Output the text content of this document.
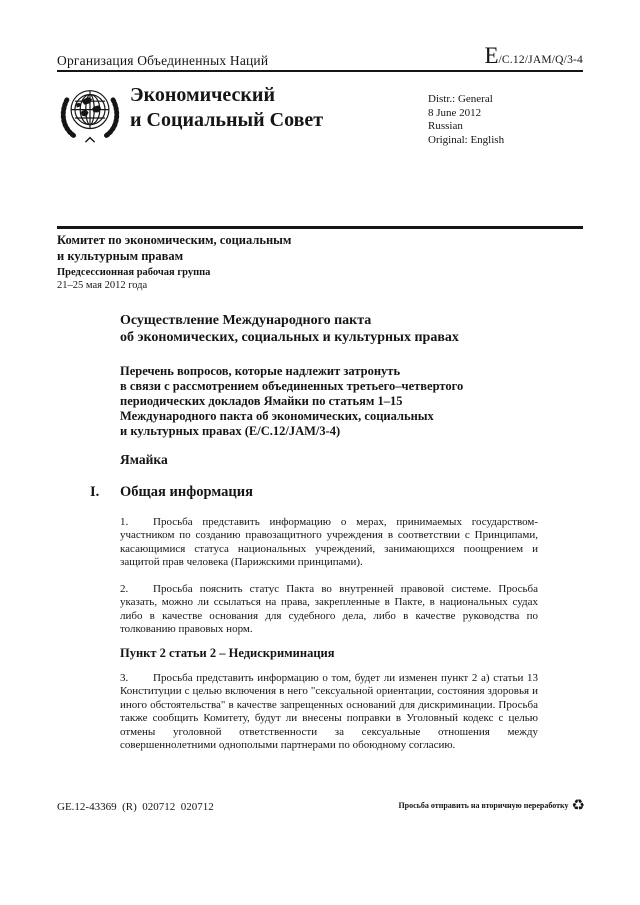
Организация Объединенных Наций	E /C.12/JAM/Q/3-4
Экономический
и Социальный Совет
Distr.: General
8 June 2012
Russian
Original: English
Комитет по экономическим, социальным
и культурным правам
Предсессионная рабочая группа
21–25 мая 2012 года
Осуществление Международного пакта
об экономических, социальных и культурных правах
Перечень вопросов, которые надлежит затронуть
в связи с рассмотрением объединенных третьего–четвертого
периодических докладов Ямайки по статьям 1–15
Международного пакта об экономических, социальных
и культурных правах (E/C.12/JAM/3-4)
Ямайка
I. Общая информация
1. Просьба представить информацию о мерах, принимаемых государством-участником по созданию правозащитного учреждения в соответствии с Принципами, касающимися статуса национальных учреждений, занимающихся поощрением и защитой прав человека (Парижскими принципами).
2. Просьба пояснить статус Пакта во внутренней правовой системе. Просьба указать, можно ли ссылаться на права, закрепленные в Пакте, в национальных судах либо в качестве основания для судебного дела, либо в качестве руководства по толкованию правовых норм.
Пункт 2 статьи 2 – Недискриминация
3. Просьба представить информацию о том, будет ли изменен пункт 2 а) статьи 13 Конституции с целью включения в него "сексуальной ориентации, состояния здоровья и иного обстоятельства" в качестве запрещенных оснований для дискриминации. Просьба также сообщить Комитету, будут ли внесены поправки в Уголовный кодекс с целью отмены уголовной ответственности за сексуальные отношения между совершеннолетними однополыми партнерами по обоюдному согласию.
GE.12-43369  (R)  020712  020712	Просьба отправить на вторичную переработку ♻
